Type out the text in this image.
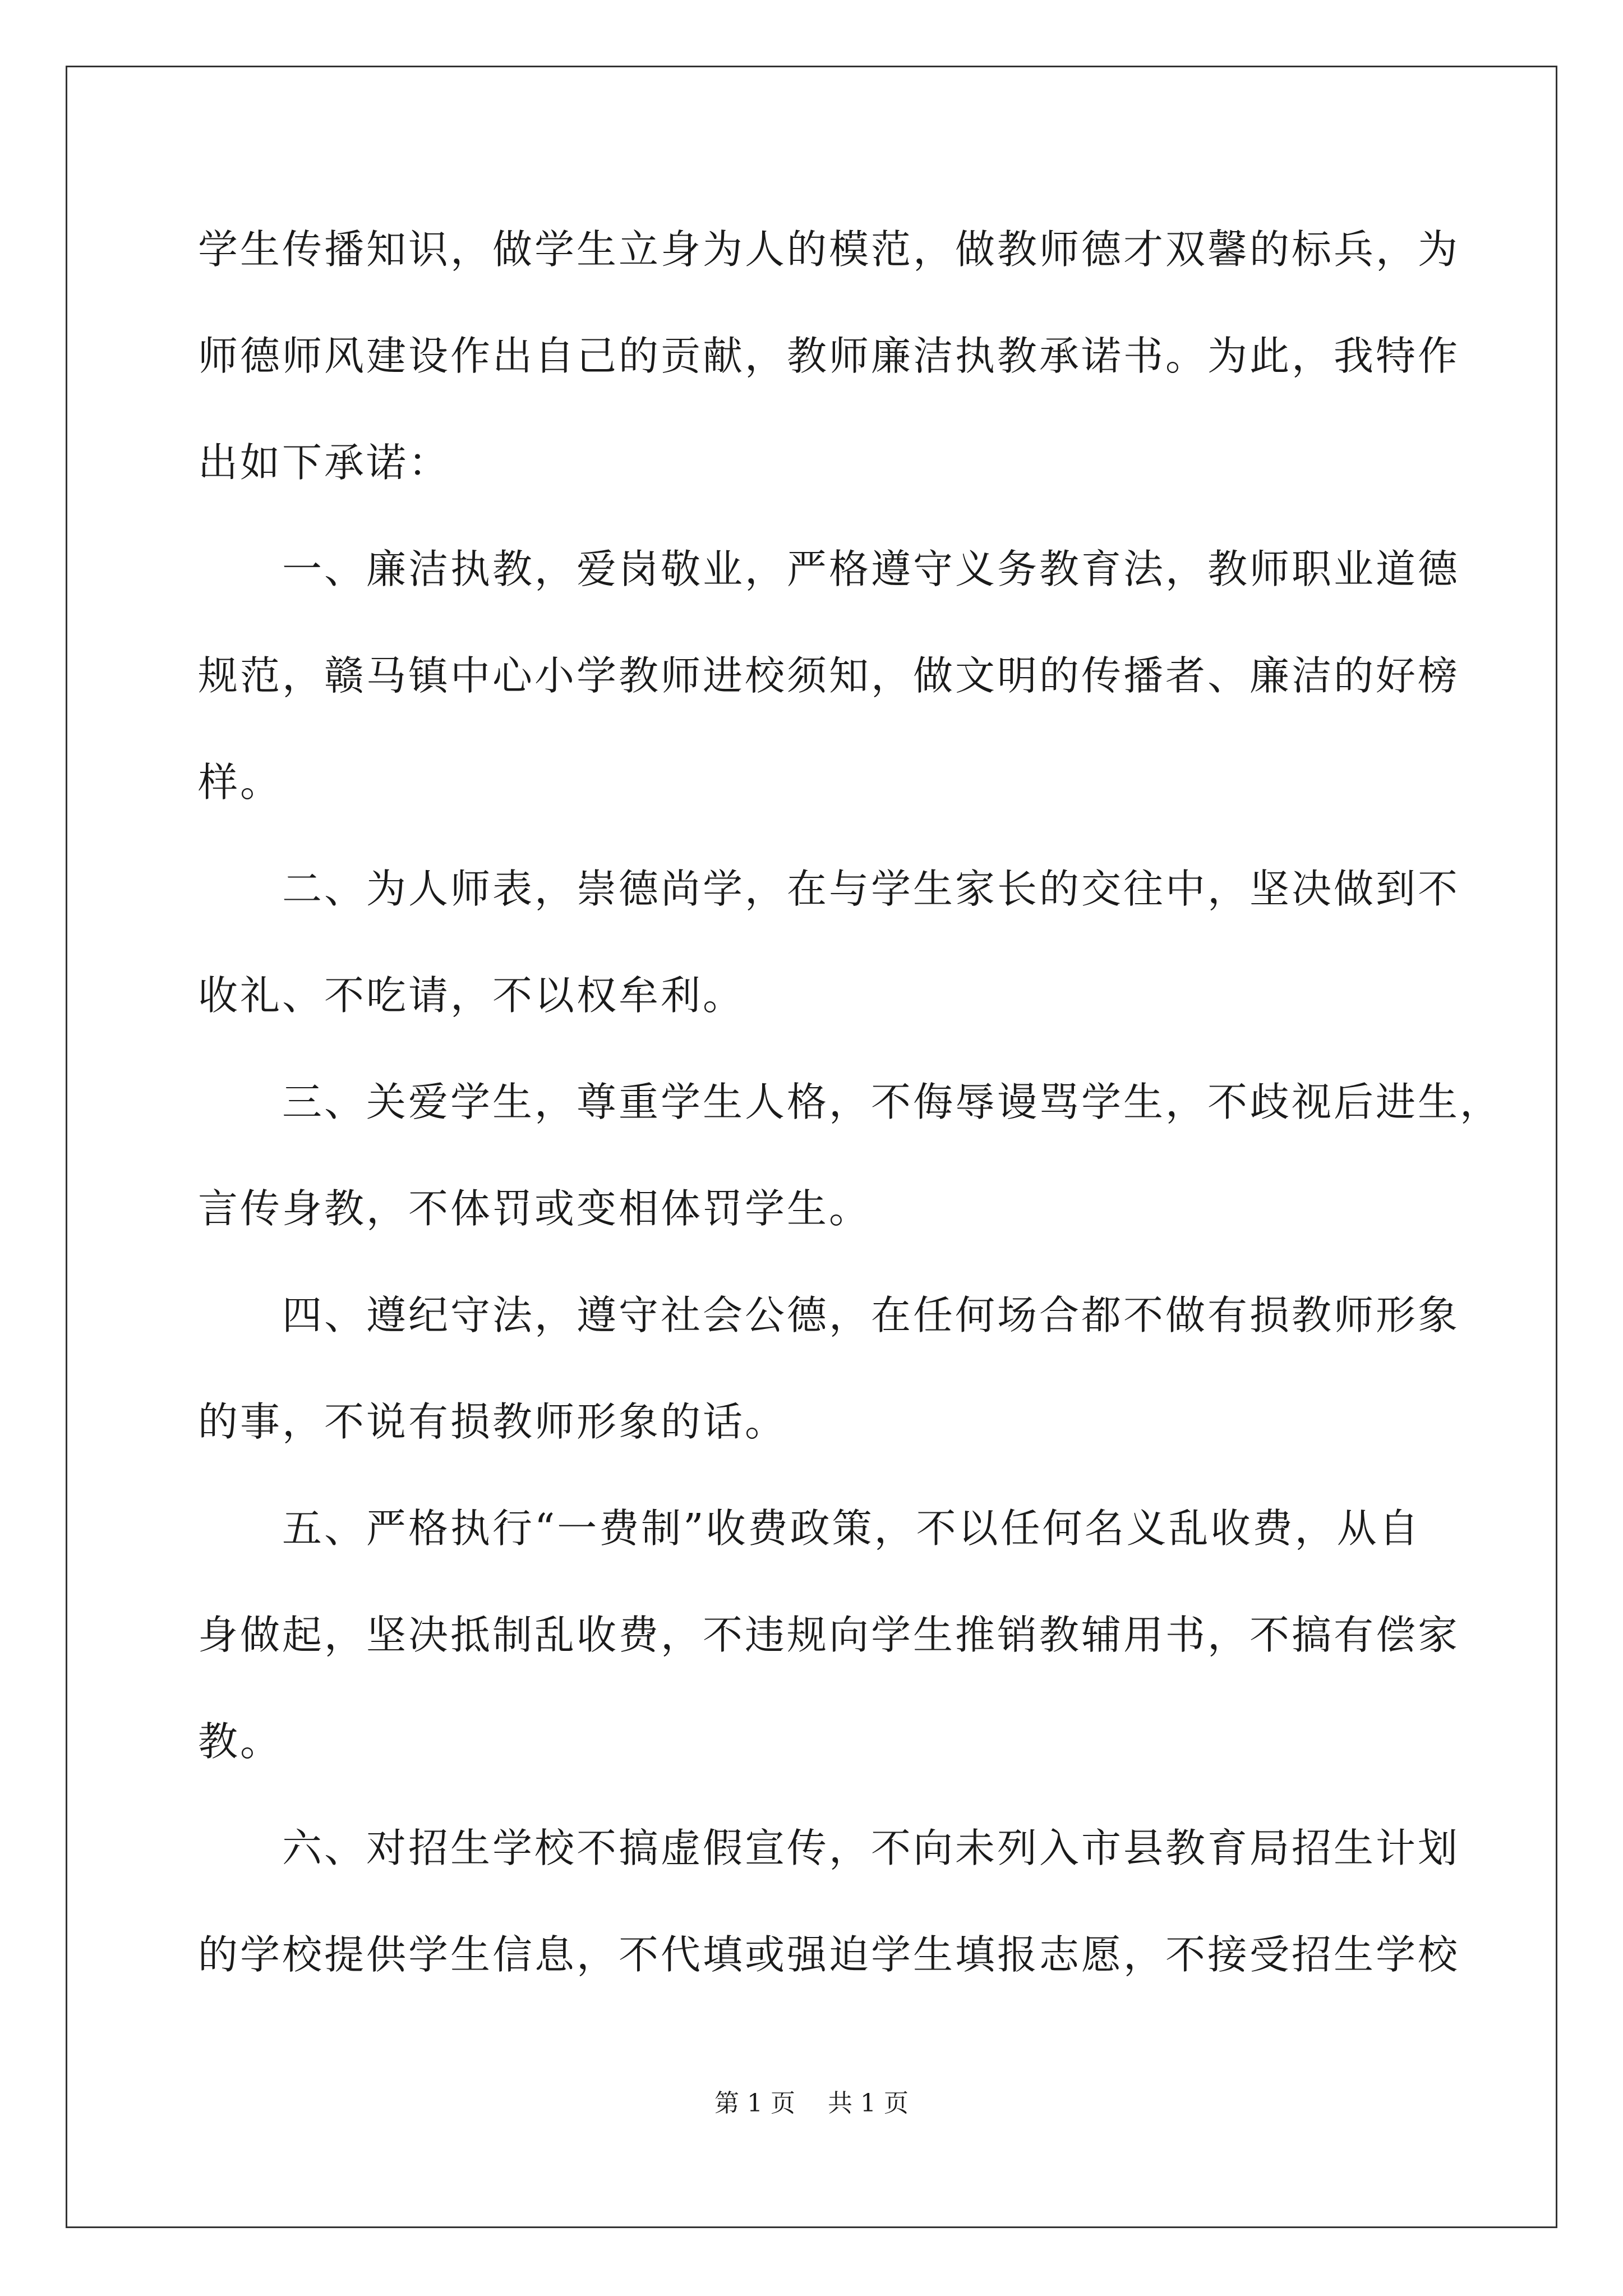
学生传播知识，做学生立身为人的模范，做教师德才双馨的标兵，为
师德师风建设作出自己的贡献，教师廉洁执教承诺书。为此，我特作
出如下承诺：
　　一、廉洁执教，爱岗敬业，严格遵守义务教育法，教师职业道德
规范，赣马镇中心小学教师进校须知，做文明的传播者、廉洁的好榜
样。
　　二、为人师表，崇德尚学，在与学生家长的交往中，坚决做到不
收礼、不吃请，不以权牟利。
　　三、关爱学生，尊重学生人格，不侮辱谩骂学生，不歧视后进生，
言传身教，不体罚或变相体罚学生。
　　四、遵纪守法，遵守社会公德，在任何场合都不做有损教师形象
的事，不说有损教师形象的话。
　　五、严格执行“一费制”收费政策，不以任何名义乱收费，从自
身做起，坚决抵制乱收费，不违规向学生推销教辅用书，不搞有偿家
教。
　　六、对招生学校不搞虚假宣传，不向未列入市县教育局招生计划
的学校提供学生信息，不代填或强迫学生填报志愿，不接受招生学校
第 1 页 共 1 页
